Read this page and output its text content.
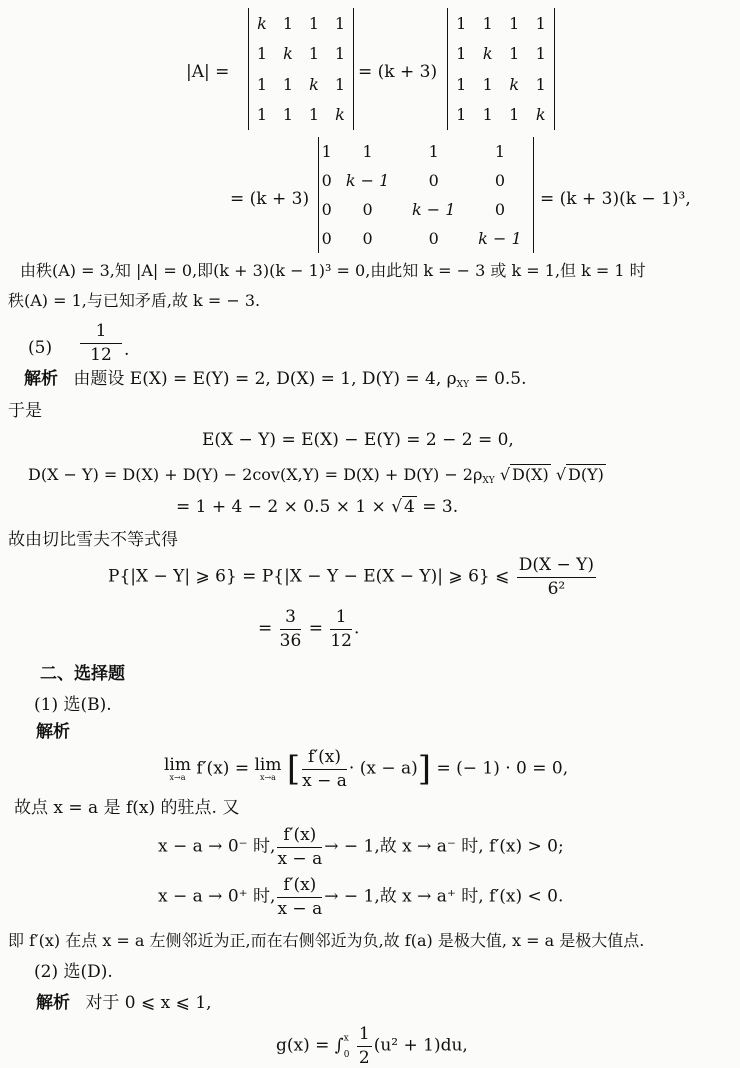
|A| =
k	1	1	1
1	k	1	1
1	1	k	1
1	1	1	k
= (k + 3)
1	1	1	1
1	k	1	1
1	1	k	1
1	1	1	k
= (k + 3)
1	1	1	1
0	k − 1	0	0
0	0	k − 1	0
0	0	0	k − 1
= (k + 3)(k − 1)³,
由秩(A) = 3,知 |A| = 0,即(k + 3)(k − 1)³ = 0,由此知 k = − 3 或 k = 1,但 k = 1 时
秩(A) = 1,与已知矛盾,故 k = − 3.
$(5) \frac{1}{12}$ .
解析 由题设 E(X) = E(Y) = 2, D(X) = 1, D(Y) = 4, $\rho_{XY} = 0.5$.
于是
E(X − Y) = E(X) − E(Y) = 2 − 2 = 0,
$D(X - Y) = D(X) + D(Y) - 2cov(X,Y) = D(X) + D(Y) - 2\rho_{XY}$ √ D(X) √ D(Y)
= 1 + 4 − 2 × 0.5 × 1 × √ 4 = 3.
故由切比雪夫不等式得
P{|X − Y| ⩾ 6} = P{|X − Y − E(X − Y)| ⩾ 6} ⩽ $\frac{D(X - Y)}{\text{6²}}$
= $\frac{3}{36} = \frac{1}{12}$ .
二、选择题
(1) 选(B).
解析
lim
x→a f′(x) = lim
x→a [ $\frac{f'(x)}{x - a} \cdot (x - a)$] = (− 1) · 0 = 0,
故点 x = a 是 f(x) 的驻点. 又
x − a → 0⁻ 时, $\frac{f'(x)}{x - a}$ → − 1,故 x → a⁻ 时, f′(x) > 0;
x − a → 0⁺ 时, $\frac{f'(x)}{x - a}$ → − 1,故 x → a⁺ 时, f′(x) < 0.
即 f′(x) 在点 x = a 左侧邻近为正,而在右侧邻近为负,故 f(a) 是极大值, x = a 是极大值点.
(2) 选(D).
解析 对于 0 ⩽ x ⩽ 1,
$g(x) = \int^x_0 \frac{1}{2} (u^2 + 1)du$,
